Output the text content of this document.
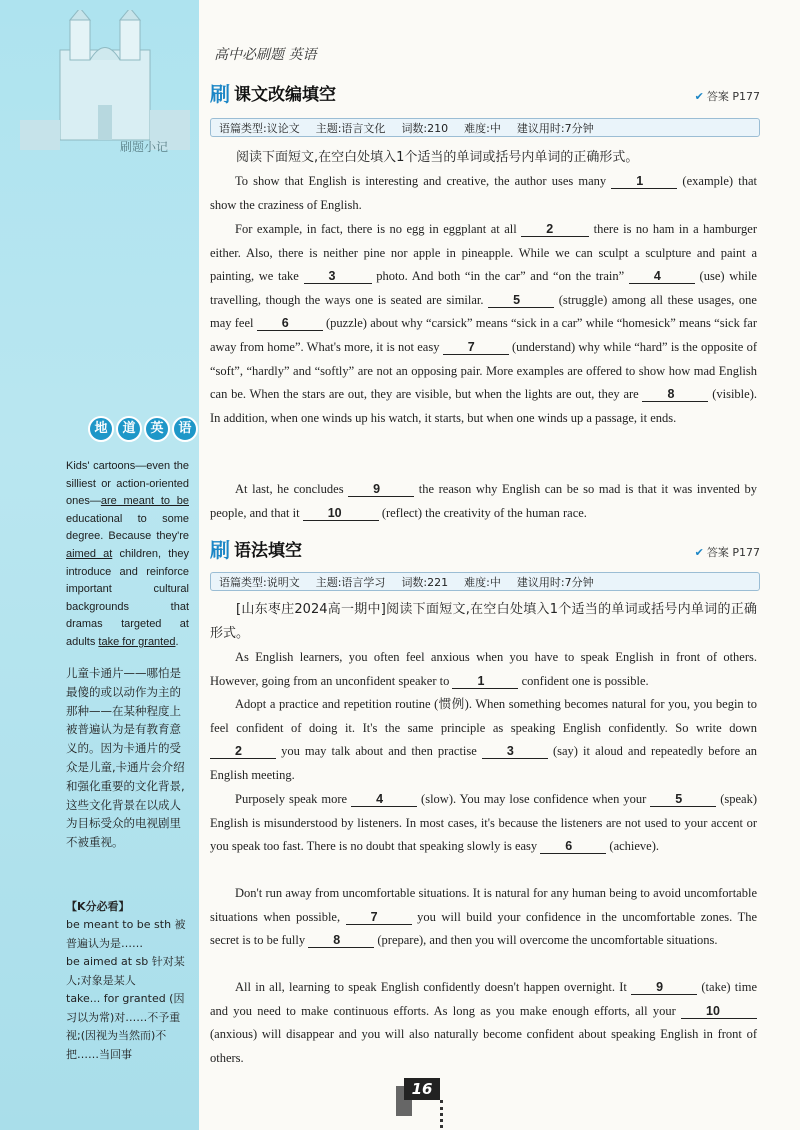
刷题小记
地	道	英	语
Kids' cartoons—even the silliest or action-oriented ones—are meant to be educational to some degree. Because they're aimed at children, they introduce and reinforce important cultural backgrounds that dramas targeted at adults take for granted.
儿童卡通片——哪怕是最傻的或以动作为主的那种——在某种程度上被普遍认为是有教育意义的。因为卡通片的受众是儿童,卡通片会介绍和强化重要的文化背景,这些文化背景在以成人为目标受众的电视剧里不被重视。
【K分必看】
be meant to be sth 被普遍认为是……
be aimed at sb 针对某人;对象是某人
take... for granted (因习以为常)对……不予重视;(因视为当然而)不把……当回事
高中必刷题 英语
刷 课文改编填空	✔ 答案 P177
语篇类型:议论文 主题:语言文化 词数:210 难度:中 建议用时:7分钟
阅读下面短文,在空白处填入1个适当的单词或括号内单词的正确形式。
To show that English is interesting and creative, the author uses many 1	(example) that show the craziness of English.
For example, in fact, there is no egg in eggplant at all 2	there is no ham in a hamburger either. Also, there is neither pine nor apple in pineapple. While we can sculpt a sculpture and paint a painting, we take 3	photo. And both “in the car” and “on the train” 4	(use) while travelling, though the ways one is seated are similar. 5	(struggle) among all these usages, one may feel 6	(puzzle) about why “carsick” means “sick in a car” while “homesick” means “sick far away from home”. What's more, it is not easy 7	(understand) why while “hard” is the opposite of “soft”, “hardly” and “softly” are not an opposing pair. More examples are offered to show how mad English can be. When the stars are out, they are visible, but when the lights are out, they are 8	(visible). In addition, when one winds up his watch, it starts, but when one winds up a passage, it ends.
At last, he concludes 9	the reason why English can be so mad is that it was invented by people, and that it 10	(reflect) the creativity of the human race.
刷 语法填空	✔ 答案 P177
语篇类型:说明文 主题:语言学习 词数:221 难度:中 建议用时:7分钟
[山东枣庄2024高一期中]阅读下面短文,在空白处填入1个适当的单词或括号内单词的正确形式。
As English learners, you often feel anxious when you have to speak English in front of others. However, going from an unconfident speaker to 1	confident one is possible.
Adopt a practice and repetition routine (惯例). When something becomes natural for you, you begin to feel confident of doing it. It's the same principle as speaking English confidently. So write down 2	you may talk about and then practise 3	(say) it aloud and repeatedly before an English meeting.
Purposely speak more 4	(slow). You may lose confidence when your 5	(speak) English is misunderstood by listeners. In most cases, it's because the listeners are not used to your accent or you speak too fast. There is no doubt that speaking slowly is easy 6	(achieve).
Don't run away from uncomfortable situations. It is natural for any human being to avoid uncomfortable situations when possible, 7	you will build your confidence in the uncomfortable zones. The secret is to be fully 8	(prepare), and then you will overcome the uncomfortable situations.
All in all, learning to speak English confidently doesn't happen overnight. It 9	(take) time and you need to make continuous efforts. As long as you make enough efforts, all your 10 (anxious) will disappear and you will also naturally become confident about speaking English in front of others.
16
